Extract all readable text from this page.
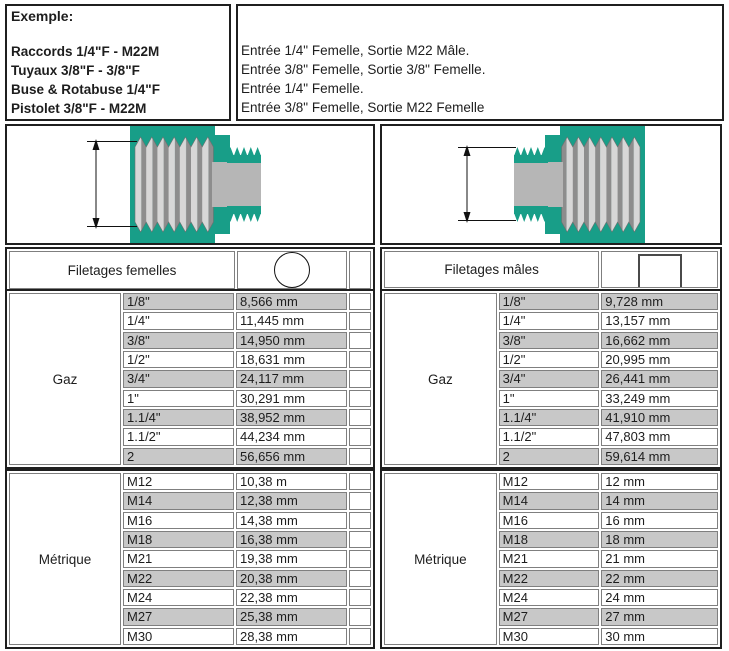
Exemple:
Raccords 1/4"F - M22M
Tuyaux 3/8"F - 3/8"F
Buse & Rotabuse 1/4"F
Pistolet 3/8"F - M22M
Entrée 1/4" Femelle, Sortie M22 Mâle.
Entrée 3/8" Femelle, Sortie 3/8" Femelle.
Entrée 1/4" Femelle.
Entrée 3/8" Femelle, Sortie M22 Femelle
Filetages femelles	
		Filetages mâles	
Gaz	1/8"	8,566 mm	
	1/4"	11,445 mm	
	3/8"	14,950 mm	
	1/2"	18,631 mm	
	3/4"	24,117 mm	
	1"	30,291 mm	
	1.1/4"	38,952 mm	
	1.1/2"	44,234 mm	
	2	56,656 mm	
Gaz	1/8"	9,728 mm
	1/4"	13,157 mm
	3/8"	16,662 mm
	1/2"	20,995 mm
	3/4"	26,441 mm
	1"	33,249 mm
	1.1/4"	41,910 mm
	1.1/2"	47,803 mm
	2	59,614 mm
Métrique	M12	10,38 m	
	M14	12,38 mm	
	M16	14,38 mm	
	M18	16,38 mm	
	M21	19,38 mm	
	M22	20,38 mm	
	M24	22,38 mm	
	M27	25,38 mm	
	M30	28,38 mm	
Métrique	M12	12 mm
	M14	14 mm
	M16	16 mm
	M18	18 mm
	M21	21 mm
	M22	22 mm
	M24	24 mm
	M27	27 mm
	M30	30 mm
